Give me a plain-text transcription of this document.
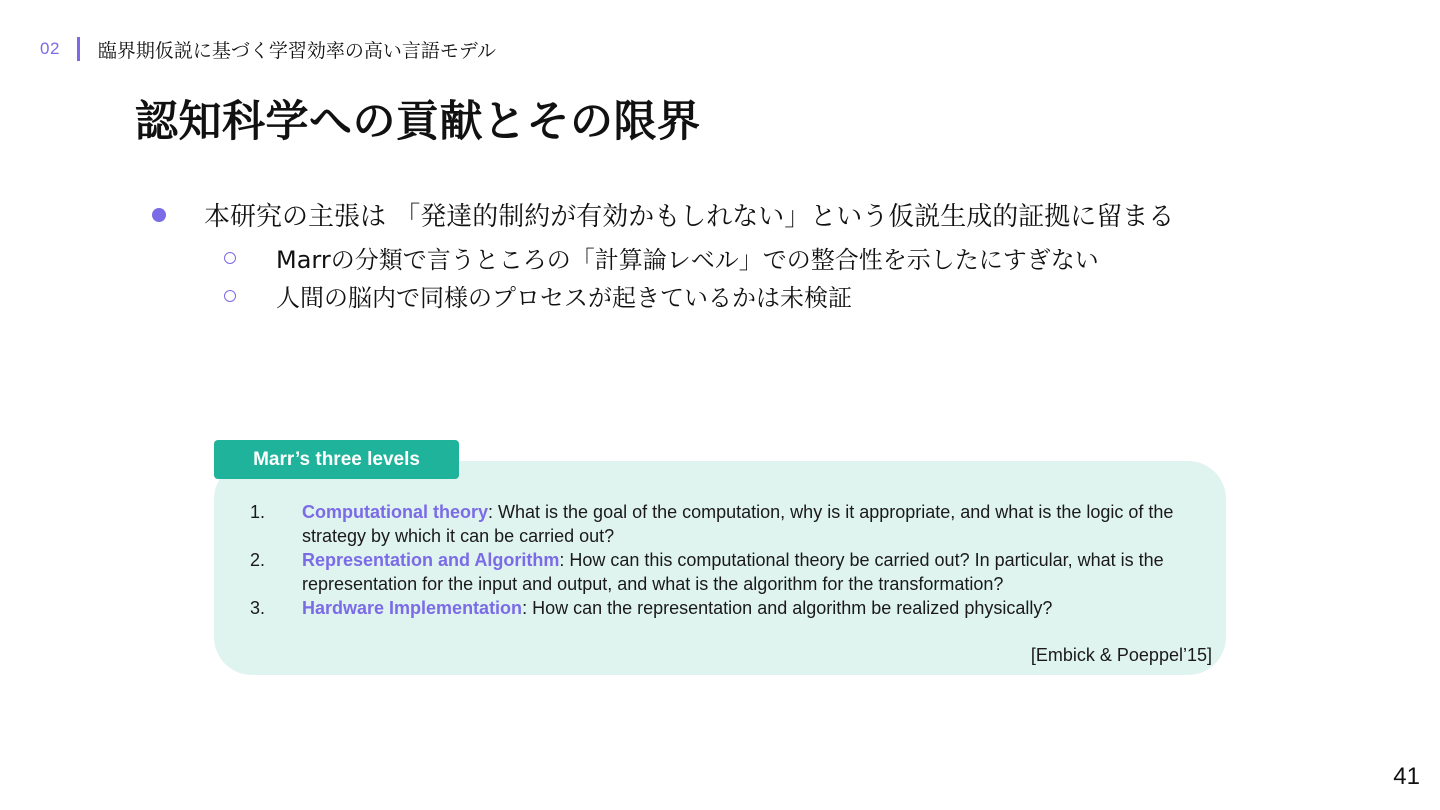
02 臨界期仮説に基づく学習効率の高い言語モデル
認知科学への貢献とその限界
本研究の主張は 「発達的制約が有効かもしれない」という仮説生成的証拠に留まる
Marrの分類で言うところの「計算論レベル」での整合性を示したにすぎない
人間の脳内で同様のプロセスが起きているかは未検証
Marr’s three levels
1.	Computational theory: What is the goal of the computation, why is it appropriate, and what is the logic of the strategy by which it can be carried out?
2.	Representation and Algorithm: How can this computational theory be carried out? In particular, what is the representation for the input and output, and what is the algorithm for the transformation?
3.	Hardware Implementation: How can the representation and algorithm be realized physically?
[Embick & Poeppel’15]
41
